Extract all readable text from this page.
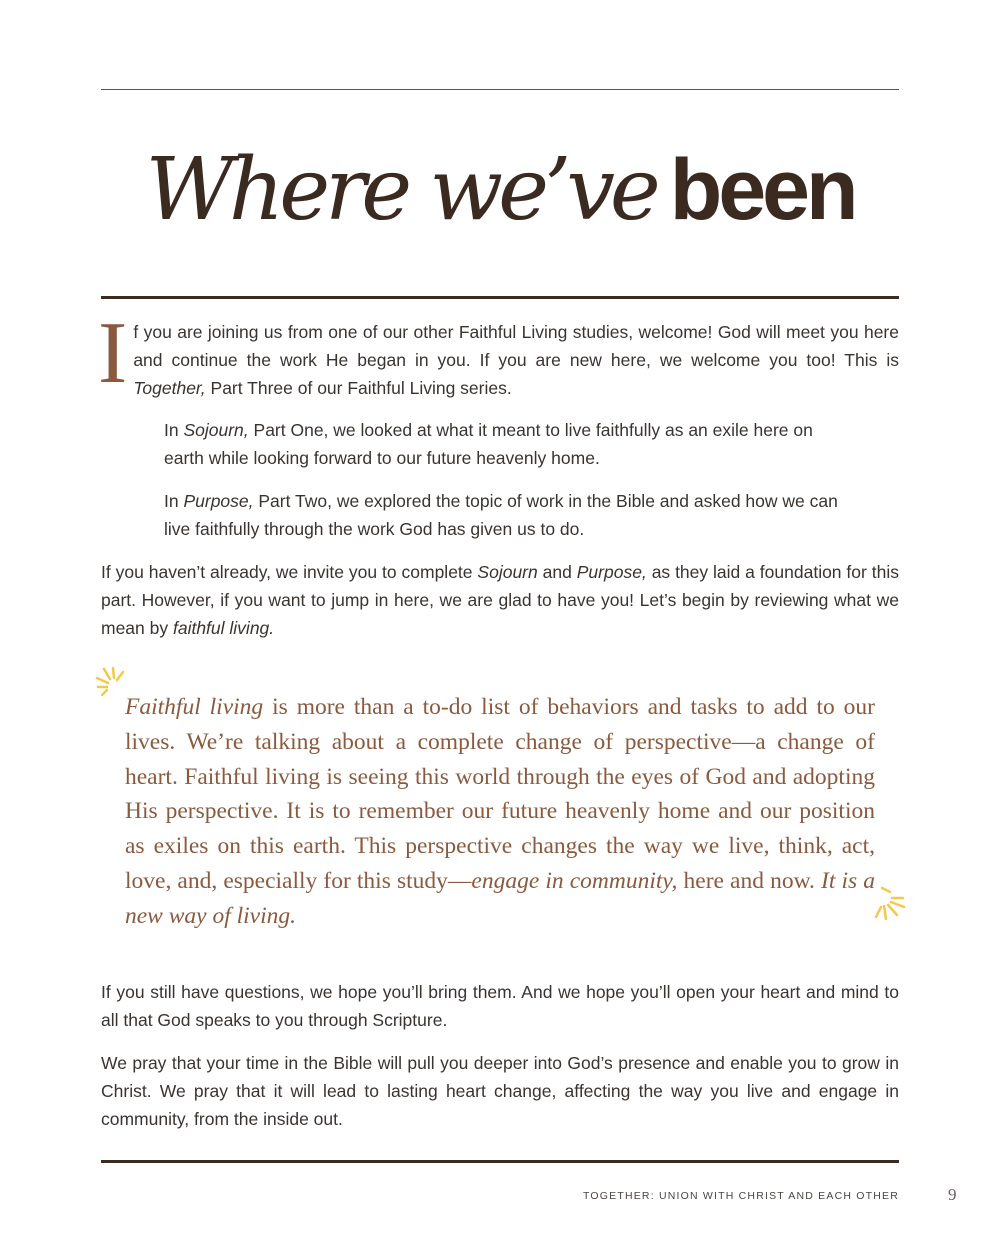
Where we’ve been

If you are joining us from one of our other Faithful Living studies, welcome! God will meet you here and continue the work He began in you. If you are new here, we welcome you too! This is Together, Part Three of our Faithful Living series.

In Sojourn, Part One, we looked at what it meant to live faithfully as an exile here on earth while looking forward to our future heavenly home.

In Purpose, Part Two, we explored the topic of work in the Bible and asked how we can live faithfully through the work God has given us to do.

If you haven’t already, we invite you to complete Sojourn and Purpose, as they laid a foundation for this part. However, if you want to jump in here, we are glad to have you! Let’s begin by reviewing what we mean by faithful living.

Faithful living is more than a to-do list of behaviors and tasks to add to our lives. We’re talking about a complete change of perspective—a change of heart. Faithful living is seeing this world through the eyes of God and adopting His perspective. It is to remember our future heavenly home and our position as exiles on this earth. This perspective changes the way we live, think, act, love, and, especially for this study—engage in community, here and now. It is a new way of living.

If you still have questions, we hope you’ll bring them. And we hope you’ll open your heart and mind to all that God speaks to you through Scripture.

We pray that your time in the Bible will pull you deeper into God’s presence and enable you to grow in Christ. We pray that it will lead to lasting heart change, affecting the way you live and engage in community, from the inside out.

TOGETHER: UNION WITH CHRIST AND EACH OTHER	9
